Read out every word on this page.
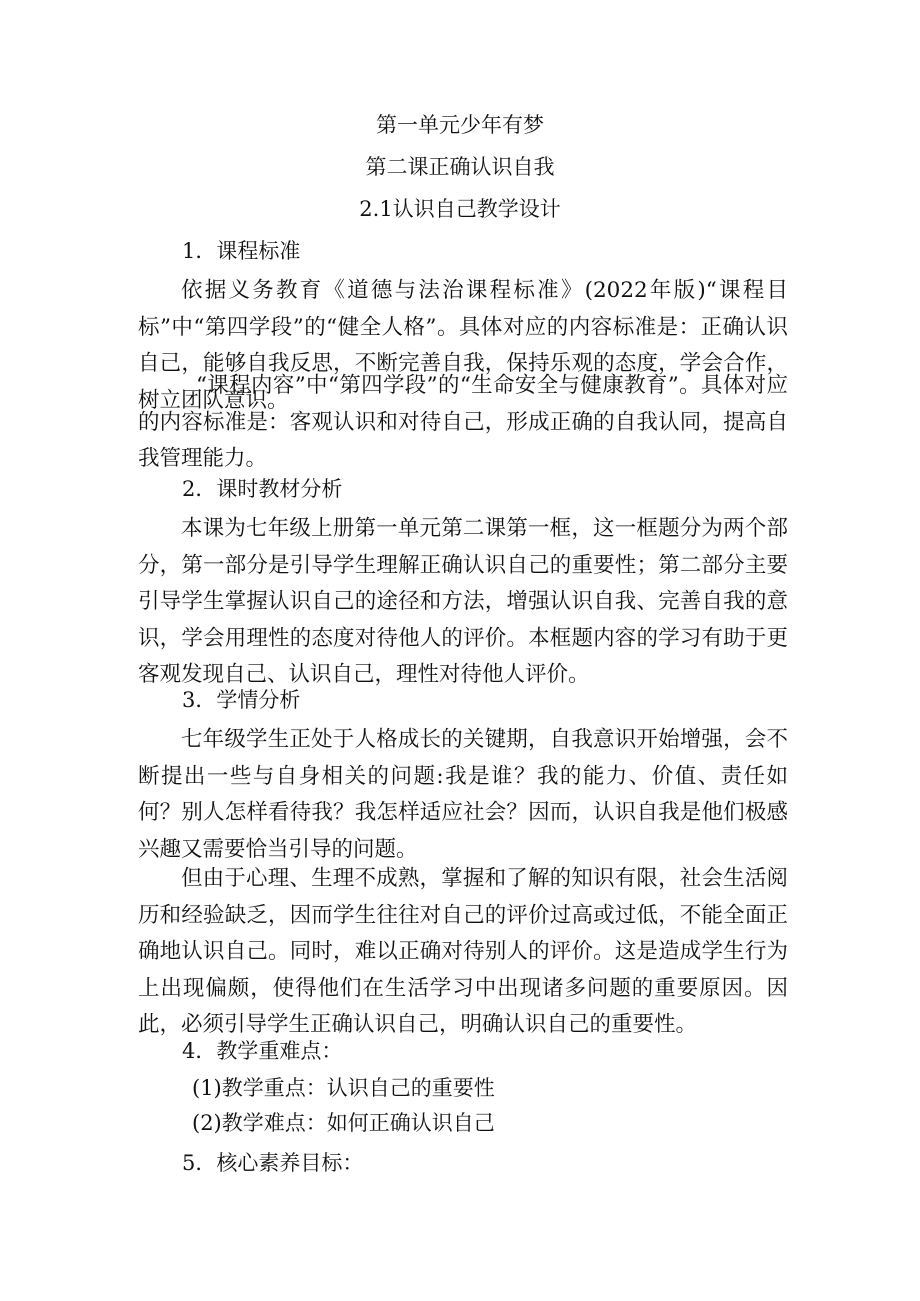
第一单元少年有梦
第二课正确认识自我
2.1认识自己教学设计
1．课程标准
依据义务教育《道德与法治课程标准》(2022年版)“课程目标”中“第四学段”的“健全人格”。具体对应的内容标准是：正确认识自己，能够自我反思，不断完善自我，保持乐观的态度，学会合作，树立团队意识。
“课程内容”中“第四学段”的“生命安全与健康教育”。具体对应的内容标准是：客观认识和对待自己，形成正确的自我认同，提高自我管理能力。
2．课时教材分析
本课为七年级上册第一单元第二课第一框，这一框题分为两个部分，第一部分是引导学生理解正确认识自己的重要性；第二部分主要引导学生掌握认识自己的途径和方法，增强认识自我、完善自我的意识，学会用理性的态度对待他人的评价。本框题内容的学习有助于更客观发现自己、认识自己，理性对待他人评价。
3．学情分析
七年级学生正处于人格成长的关键期，自我意识开始增强，会不断提出一些与自身相关的问题:我是谁？我的能力、价值、责任如何？别人怎样看待我？我怎样适应社会？因而，认识自我是他们极感兴趣又需要恰当引导的问题。
但由于心理、生理不成熟，掌握和了解的知识有限，社会生活阅历和经验缺乏，因而学生往往对自己的评价过高或过低，不能全面正确地认识自己。同时，难以正确对待别人的评价。这是造成学生行为上出现偏颇，使得他们在生活学习中出现诸多问题的重要原因。因此，必须引导学生正确认识自己，明确认识自己的重要性。
4．教学重难点：
(1)教学重点：认识自己的重要性
(2)教学难点：如何正确认识自己
5．核心素养目标：
